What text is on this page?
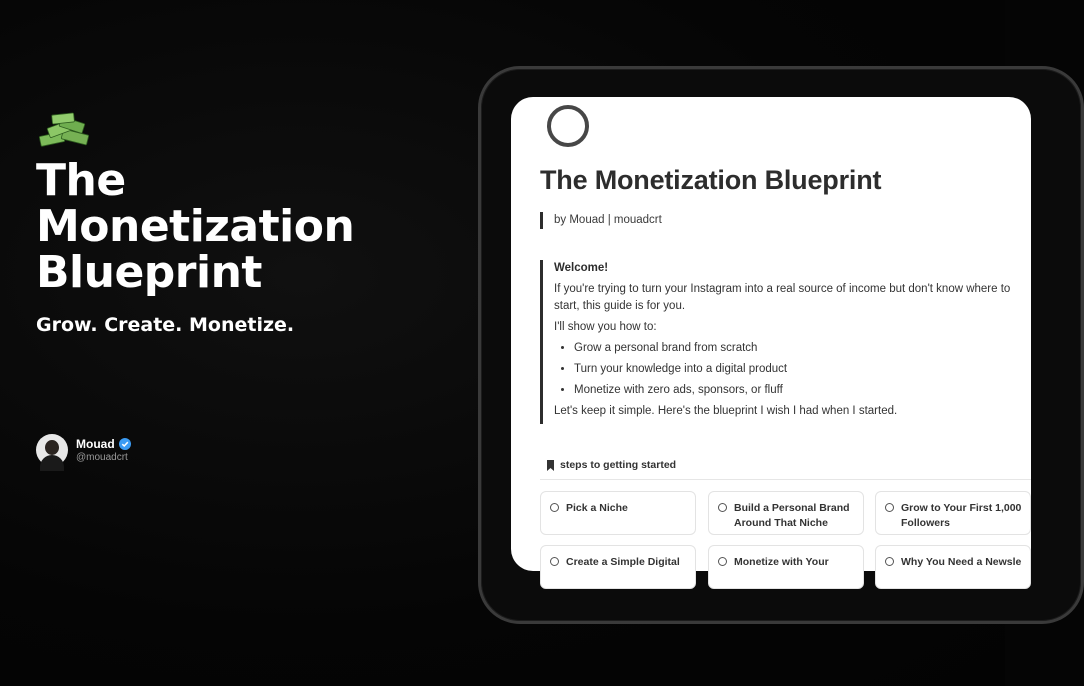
The
Monetization
Blueprint
Grow. Create. Monetize.
Mouad
@mouadcrt
The Monetization Blueprint
by Mouad | mouadcrt
Welcome!

If you're trying to turn your Instagram into a real source of income but don't know where to start, this guide is for you.

I'll show you how to:

• Grow a personal brand from scratch
• Turn your knowledge into a digital product
• Monetize with zero ads, sponsors, or fluff

Let's keep it simple. Here's the blueprint I wish I had when I started.

steps to getting started
Pick a Niche	Build a Personal Brand Around That Niche
Grow to Your First 1,000 Followers
Create a Simple Digital	Monetize with Your	Why You Need a Newsle
